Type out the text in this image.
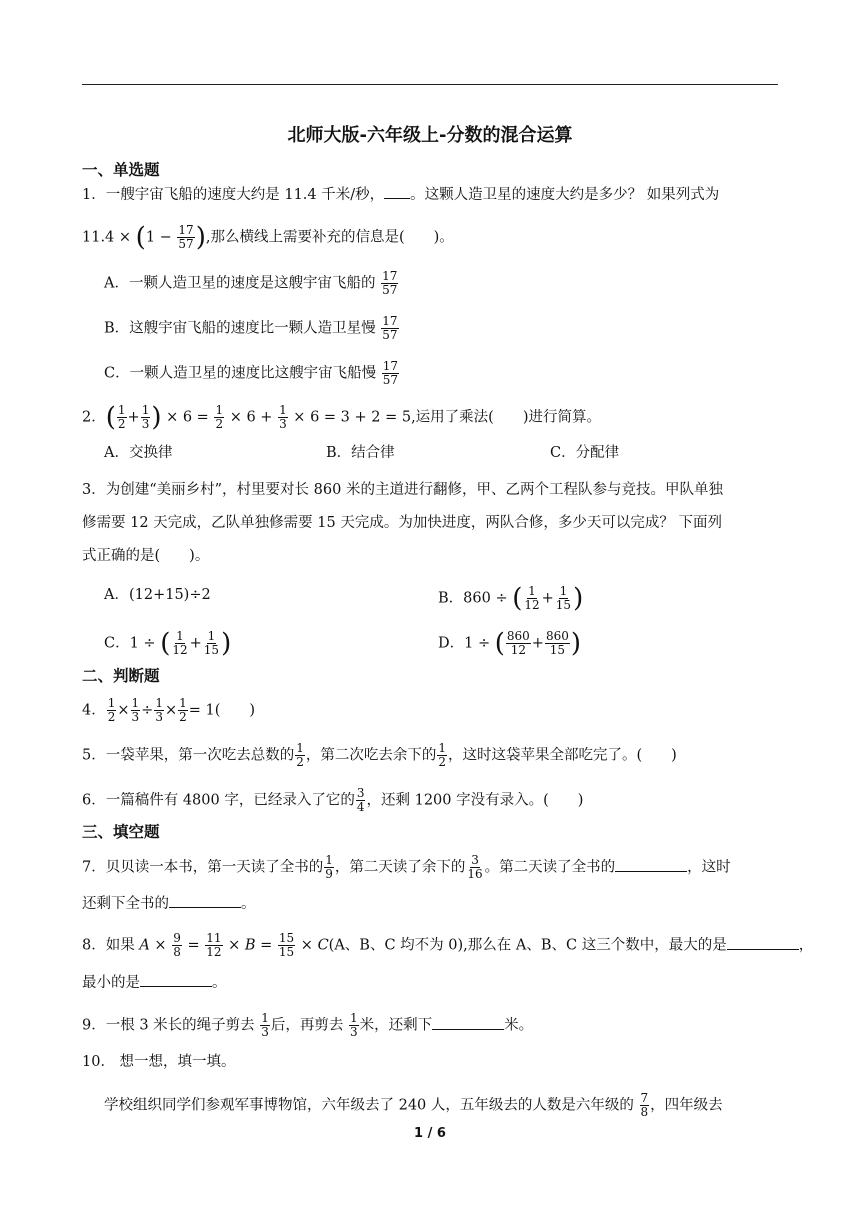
北师大版-六年级上-分数的混合运算
一、单选题
1．一艘宇宙飞船的速度大约是 11.4 千米/秒， 。这颗人造卫星的速度大约是多少？ 如果列式为
$11.4 \times (1 - \frac{17}{57}$ ),那么横线上需要补充的信息是(　　)。
A．一颗人造卫星的速度是这艘宇宙飞船的 $\frac{17}{57}$
B．这艘宇宙飞船的速度比一颗人造卫星慢 $\frac{17}{57}$
C．一颗人造卫星的速度比这艘宇宙飞船慢 $\frac{17}{57}$
2．( $\frac{1}{2} + \frac{1}{3}$ ) × $6 = \frac{1}{2} \times 6 + \frac{1}{3} \times 6 = 3 + 2 = 5$,运用了乘法(　　)进行简算。
A．交换律	B．结合律	C．分配律
3．为创建“美丽乡村”，村里要对长 860 米的主道进行翻修，甲、乙两个工程队参与竞技。甲队单独
修需要 12 天完成，乙队单独修需要 15 天完成。为加快进度，两队合修，多少天可以完成？ 下面列
式正确的是(　　)。
A．(12+15)÷2	B．860 ÷ ( $\frac{1}{12} + \frac{1}{15}$ )
C．1 ÷ ( $\frac{1}{12} + \frac{1}{15}$ )	D．1 ÷ ( $\frac{860}{12} + \frac{860}{15}$ )
二、判断题
4． $\frac{1}{2} \times \frac{1}{3} \div \frac{1}{3} \times \frac{1}{2} = 1$(　　)
5．一袋苹果，第一次吃去总数的 $\frac{1}{2}$ ，第二次吃去余下的 $\frac{1}{2}$ ，这时这袋苹果全部吃完了。(　　)
6．一篇稿件有 4800 字，已经录入了它的 $\frac{3}{4}$ ，还剩 1200 字没有录入。(　　)
三、填空题
7．贝贝读一本书，第一天读了全书的 $\frac{1}{9}$ ，第二天读了余下的 $\frac{3}{16}$ 。第二天读了全书的	，这时
还剩下全书的	。
8．如果 $A \times \frac{9}{8} = \frac{11}{12} \times B = \frac{15}{15} \times C(A$、B、C 均不为 0),那么在 A、B、C 这三个数中，最大的是	，
最小的是	。
9．一根 3 米长的绳子剪去 $\frac{1}{3}$ 后，再剪去 $\frac{1}{3}$ 米，还剩下	米。
10． 想一想，填一填。
学校组织同学们参观军事博物馆，六年级去了 240 人，五年级去的人数是六年级的 $\frac{7}{8}$ ，四年级去
1 / 6
